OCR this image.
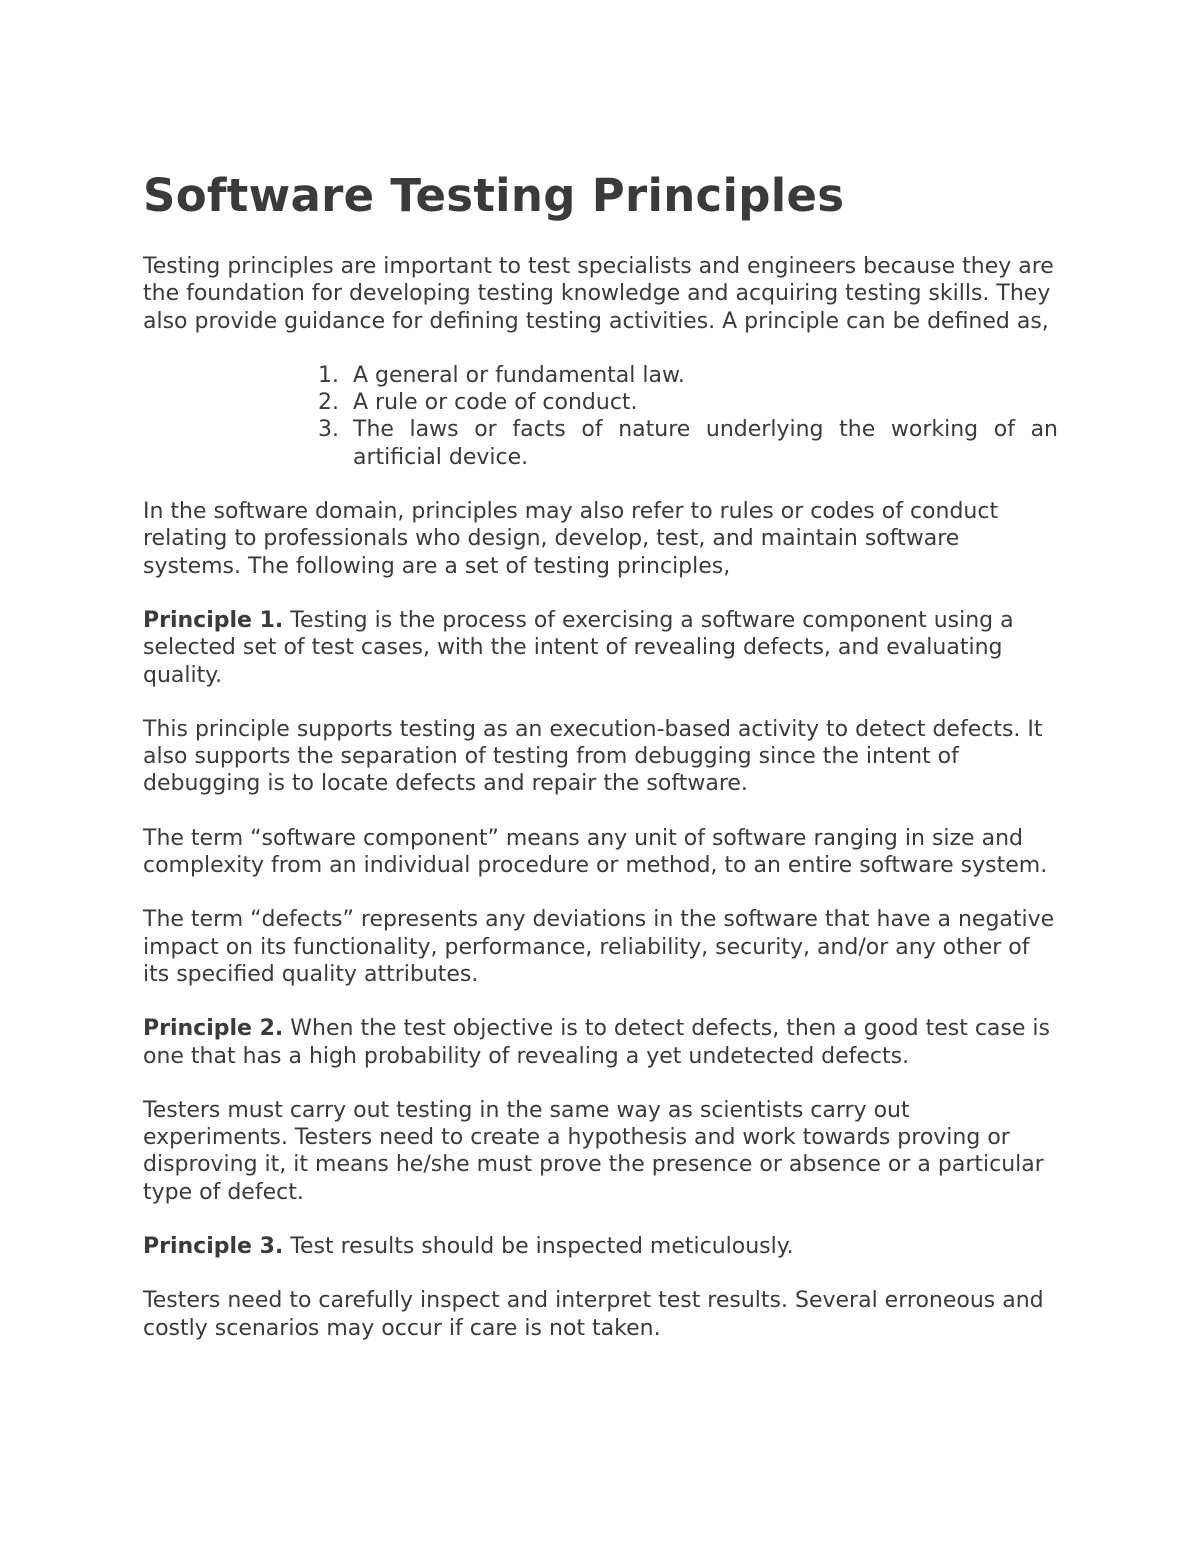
Software Testing Principles

Testing principles are important to test specialists and engineers because they are the foundation for developing testing knowledge and acquiring testing skills. They also provide guidance for defining testing activities. A principle can be defined as,

1. A general or fundamental law.
2. A rule or code of conduct.
3. The laws or facts of nature underlying the working of an artificial device.

In the software domain, principles may also refer to rules or codes of conduct relating to professionals who design, develop, test, and maintain software systems. The following are a set of testing principles,

Principle 1. Testing is the process of exercising a software component using a selected set of test cases, with the intent of revealing defects, and evaluating quality.

This principle supports testing as an execution-based activity to detect defects. It also supports the separation of testing from debugging since the intent of debugging is to locate defects and repair the software.

The term “software component” means any unit of software ranging in size and complexity from an individual procedure or method, to an entire software system.

The term “defects” represents any deviations in the software that have a negative impact on its functionality, performance, reliability, security, and/or any other of its specified quality attributes.

Principle 2. When the test objective is to detect defects, then a good test case is one that has a high probability of revealing a yet undetected defects.

Testers must carry out testing in the same way as scientists carry out experiments. Testers need to create a hypothesis and work towards proving or disproving it, it means he/she must prove the presence or absence or a particular type of defect.

Principle 3. Test results should be inspected meticulously.

Testers need to carefully inspect and interpret test results. Several erroneous and costly scenarios may occur if care is not taken.
